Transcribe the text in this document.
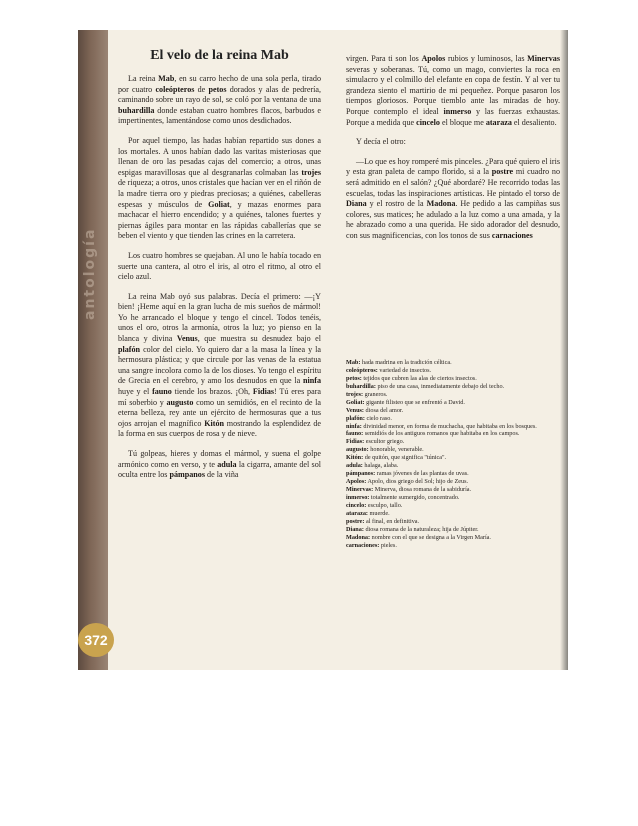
antología
El velo de la reina Mab

La reina Mab, en su carro hecho de una sola perla, tirado por cuatro coleópteros de petos dorados y alas de pedrería, caminando sobre un rayo de sol, se coló por la ventana de una buhardilla donde estaban cuatro hombres flacos, barbudos e impertinentes, lamentándose como unos desdichados.

Por aquel tiempo, las hadas habían repartido sus dones a los mortales. A unos habían dado las varitas misteriosas que llenan de oro las pesadas cajas del comercio; a otros, unas espigas maravillosas que al desgranarlas colmaban las trojes de riqueza; a otros, unos cristales que hacían ver en el riñón de la madre tierra oro y piedras preciosas; a quiénes, cabelleras espesas y músculos de Goliat, y mazas enormes para machacar el hierro encendido; y a quiénes, talones fuertes y piernas ágiles para montar en las rápidas caballerías que se beben el viento y que tienden las crines en la carretera.

Los cuatro hombres se quejaban. Al uno le había tocado en suerte una cantera, al otro el iris, al otro el ritmo, al otro el cielo azul.

La reina Mab oyó sus palabras. Decía el primero: —¡Y bien! ¡Heme aquí en la gran lucha de mis sueños de mármol! Yo he arrancado el bloque y tengo el cincel. Todos tenéis, unos el oro, otros la armonía, otros la luz; yo pienso en la blanca y divina Venus, que muestra su desnudez bajo el plafón color del cielo. Yo quiero dar a la masa la línea y la hermosura plástica; y que circule por las venas de la estatua una sangre incolora como la de los dioses. Yo tengo el espíritu de Grecia en el cerebro, y amo los desnudos en que la ninfa huye y el fauno tiende los brazos. ¡Oh, Fidias! Tú eres para mí soberbio y augusto como un semidiós, en el recinto de la eterna belleza, rey ante un ejército de hermosuras que a tus ojos arrojan el magnífico Kitón mostrando la esplendidez de la forma en sus cuerpos de rosa y de nieve.

Tú golpeas, hieres y domas el mármol, y suena el golpe armónico como en verso, y te adula la cigarra, amante del sol oculta entre los pámpanos de la viña

virgen. Para ti son los Apolos rubios y luminosos, las Minervas severas y soberanas. Tú, como un mago, conviertes la roca en simulacro y el colmillo del elefante en copa de festín. Y al ver tu grandeza siento el martirio de mi pequeñez. Porque pasaron los tiempos gloriosos. Porque tiemblo ante las miradas de hoy. Porque contemplo el ideal inmerso y las fuerzas exhaustas. Porque a medida que cincelo el bloque me ataraza el desaliento.

Y decía el otro:

—Lo que es hoy romperé mis pinceles. ¿Para qué quiero el iris y esta gran paleta de campo florido, si a la postre mi cuadro no será admitido en el salón? ¿Qué abordaré? He recorrido todas las escuelas, todas las inspiraciones artísticas. He pintado el torso de Diana y el rostro de la Madona. He pedido a las campiñas sus colores, sus matices; he adulado a la luz como a una amada, y la he abrazado como a una querida. He sido adorador del desnudo, con sus magnificencias, con los tonos de sus carnaciones

Mab: hada madrina en la tradición céltica.
coleópteros: variedad de insectos.
petos: tejidos que cubren las alas de ciertos insectos.
buhardilla: piso de una casa, inmediatamente debajo del techo.
trojes: graneros.
Goliat: gigante filisteo que se enfrentó a David.
Venus: diosa del amor.
plafón: cielo raso.
ninfa: divinidad menor, en forma de muchacha, que habitaba en los bosques.
fauno: semidiós de los antiguos romanos que habitaba en los campos.
Fidias: escultor griego.
augusto: honorable, venerable.
Kitón: de quitón, que significa "túnica".
adula: halaga, alaba.
pámpanos: ramas jóvenes de las plantas de uvas.
Apolos: Apolo, dios griego del Sol; hijo de Zeus.
Minervas: Minerva, diosa romana de la sabiduría.
inmerso: totalmente sumergido, concentrado.
cincelo: esculpo, tallo.
ataraza: muerde.
postre: al final, en definitiva.
Diana: diosa romana de la naturaleza; hija de Júpiter.
Madona: nombre con el que se designa a la Virgen María.
carnaciones: pieles.
372
